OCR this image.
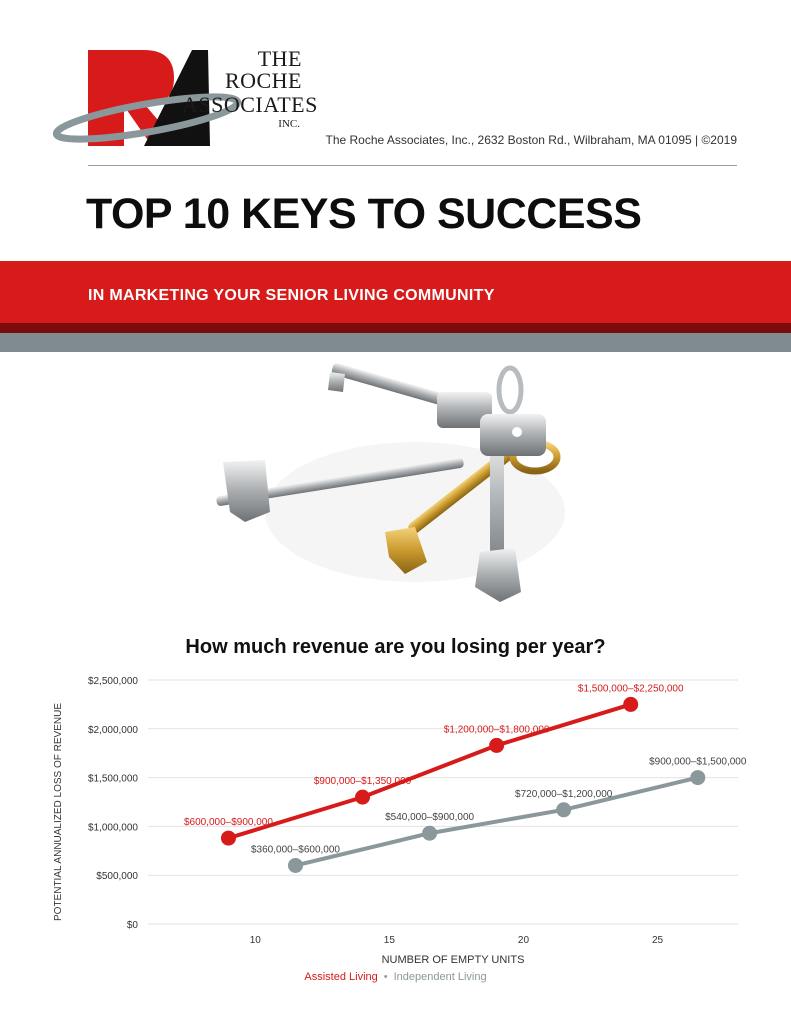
THE ROCHE
ASSOCIATES
INC.
The Roche Associates, Inc., 2632 Boston Rd., Wilbraham, MA 01095 | ©2019
TOP 10 KEYS TO SUCCESS
IN MARKETING YOUR SENIOR LIVING COMMUNITY
How much revenue are you losing per year?
$0
$500,000
$1,000,000
$1,500,000
$2,000,000
$2,500,000
10	15	20	25
NUMBER OF EMPTY UNITS
POTENTIAL ANNUALIZED LOSS OF REVENUE	$600,000–$900,000
$900,000–$1,350,000
$1,200,000–$1,800,000
$1,500,000–$2,250,000
$360,000–$600,000
$540,000–$900,000
$720,000–$1,200,000
$900,000–$1,500,000
Assisted Living • Independent Living
